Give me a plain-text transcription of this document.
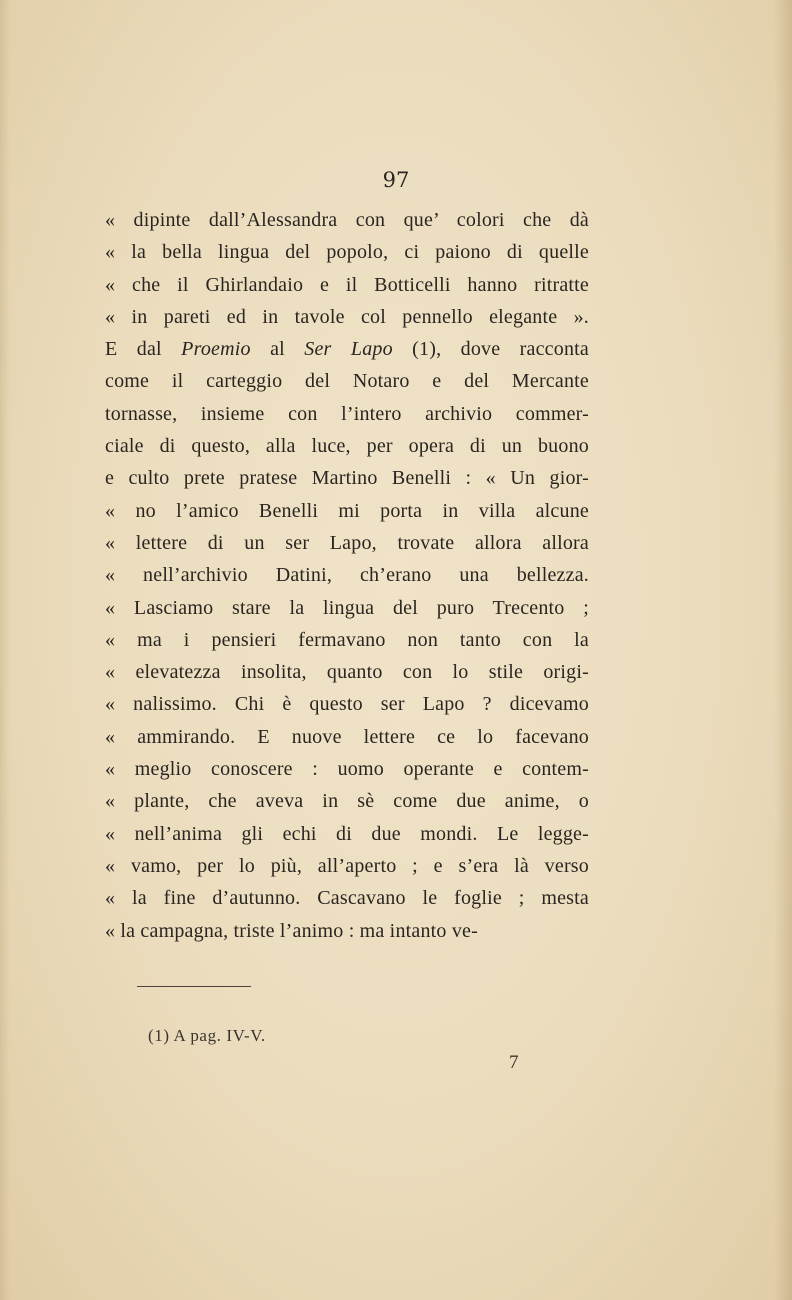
97
« dipinte dall’Alessandra con que’ colori che dà
« la bella lingua del popolo, ci paiono di quelle
« che il Ghirlandaio e il Botticelli hanno ritratte
« in pareti ed in tavole col pennello elegante ».
E dal Proemio al Ser Lapo (1), dove racconta
come il carteggio del Notaro e del Mercante
tornasse, insieme con l’intero archivio commer-
ciale di questo, alla luce, per opera di un buono
e culto prete pratese Martino Benelli : « Un gior-
« no l’amico Benelli mi porta in villa alcune
« lettere di un ser Lapo, trovate allora allora
« nell’archivio Datini, ch’erano una bellezza.
« Lasciamo stare la lingua del puro Trecento ;
« ma i pensieri fermavano non tanto con la
« elevatezza insolita, quanto con lo stile origi-
« nalissimo. Chi è questo ser Lapo ? dicevamo
« ammirando. E nuove lettere ce lo facevano
« meglio conoscere : uomo operante e contem-
« plante, che aveva in sè come due anime, o
« nell’anima gli echi di due mondi. Le legge-
« vamo, per lo più, all’aperto ; e s’era là verso
« la fine d’autunno. Cascavano le foglie ; mesta
« la campagna, triste l’animo : ma intanto ve-
(1) A pag. IV-V.
7
